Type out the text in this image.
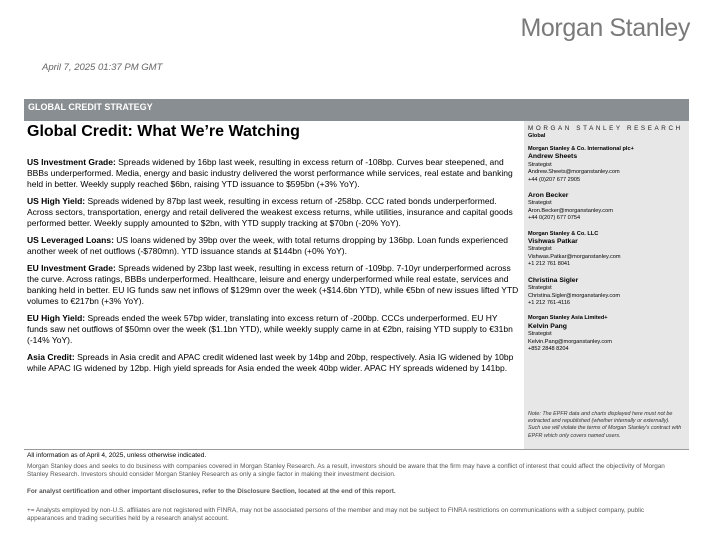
Morgan Stanley
April 7, 2025 01:37 PM GMT
GLOBAL CREDIT STRATEGY
Global Credit: What We’re Watching

US Investment Grade: Spreads widened by 16bp last week, resulting in excess return of -108bp. Curves bear steepened, and BBBs underperformed. Media, energy and basic industry delivered the worst performance while services, real estate and banking held in better. Weekly supply reached $6bn, raising YTD issuance to $595bn (+3% YoY).

US High Yield: Spreads widened by 87bp last week, resulting in excess return of -258bp. CCC rated bonds underperformed. Across sectors, transportation, energy and retail delivered the weakest excess returns, while utilities, insurance and capital goods performed better. Weekly supply amounted to $2bn, with YTD supply tracking at $70bn (-20% YoY).

US Leveraged Loans: US loans widened by 39bp over the week, with total returns dropping by 136bp. Loan funds experienced another week of net outflows (-$780mn). YTD issuance stands at $144bn (+0% YoY).

EU Investment Grade: Spreads widened by 23bp last week, resulting in excess return of -109bp. 7-10yr underperformed across the curve. Across ratings, BBBs underperformed. Healthcare, leisure and energy underperformed while real estate, services and banking held in better. EU IG funds saw net inflows of $129mn over the week (+$14.6bn YTD), while €5bn of new issues lifted YTD volumes to €217bn (+3% YoY).

EU High Yield: Spreads ended the week 57bp wider, translating into excess return of -200bp. CCCs underperformed. EU HY funds saw net outflows of $50mn over the week ($1.1bn YTD), while weekly supply came in at €2bn, raising YTD supply to €31bn (-14% YoY).

Asia Credit: Spreads in Asia credit and APAC credit widened last week by 14bp and 20bp, respectively. Asia IG widened by 10bp while APAC IG widened by 12bp. High yield spreads for Asia ended the week 40bp wider. APAC HY spreads widened by 141bp.

MORGAN STANLEY RESEARCH
Global
Morgan Stanley & Co. International plc+
Andrew Sheets
Strategist
Andrew.Sheets@morganstanley.com
+44 (0)207 677 2905
Aron Becker
Strategist
Aron.Becker@morganstanley.com
+44 0(207) 677 0754
Morgan Stanley & Co. LLC
Vishwas Patkar
Strategist
Vishwas.Patkar@morganstanley.com
+1 212 761 8041
Christina Sigler
Strategist
Christina.Sigler@morganstanley.com
+1 212 761-4116
Morgan Stanley Asia Limited+
Kelvin Pang
Strategist
Kelvin.Pang@morganstanley.com
+852 2848 8204
Note: The EPFR data and charts displayed here must not be extracted and republished (whether internally or externally). Such use will violate the terms of Morgan Stanley's contract with EPFR which only covers named users.
All information as of April 4, 2025, unless otherwise indicated.
Morgan Stanley does and seeks to do business with companies covered in Morgan Stanley Research. As a result, investors should be aware that the firm may have a conflict of interest that could affect the objectivity of Morgan Stanley Research. Investors should consider Morgan Stanley Research as only a single factor in making their investment decision.
For analyst certification and other important disclosures, refer to the Disclosure Section, located at the end of this report.
+= Analysts employed by non-U.S. affiliates are not registered with FINRA, may not be associated persons of the member and may not be subject to FINRA restrictions on communications with a subject company, public appearances and trading securities held by a research analyst account.
